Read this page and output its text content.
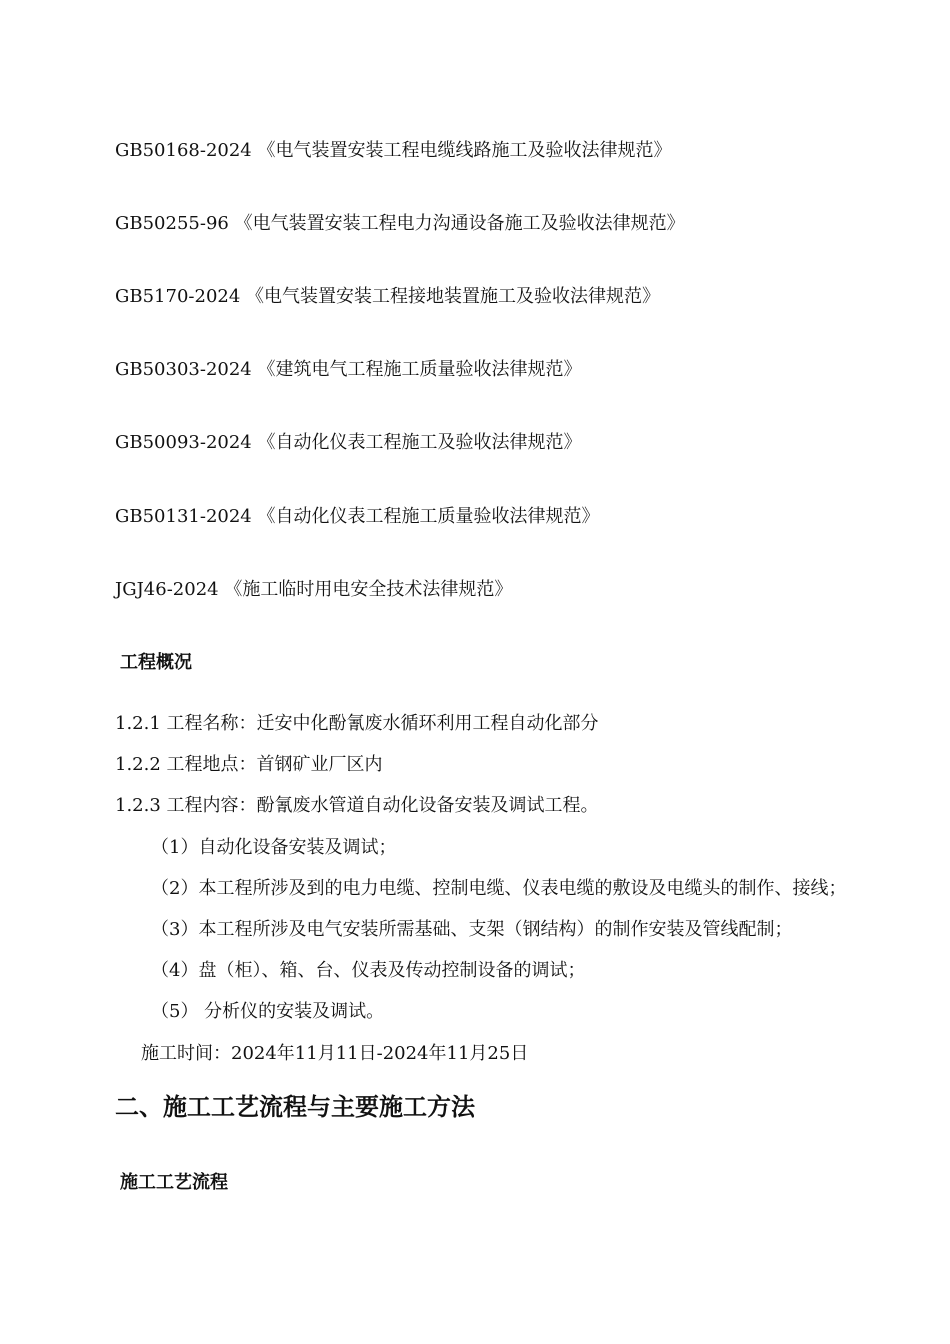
GB50168-2024 《电气装置安装工程电缆线路施工及验收法律规范》
GB50255-96 《电气装置安装工程电力沟通设备施工及验收法律规范》
GB5170-2024 《电气装置安装工程接地装置施工及验收法律规范》
GB50303-2024 《建筑电气工程施工质量验收法律规范》
GB50093-2024 《自动化仪表工程施工及验收法律规范》
GB50131-2024 《自动化仪表工程施工质量验收法律规范》
JGJ46-2024 《施工临时用电安全技术法律规范》
工程概况
1.2.1 工程名称：迁安中化酚氰废水循环利用工程自动化部分
1.2.2 工程地点：首钢矿业厂区内
1.2.3 工程内容：酚氰废水管道自动化设备安装及调试工程。
（1）自动化设备安装及调试；
（2）本工程所涉及到的电力电缆、控制电缆、仪表电缆的敷设及电缆头的制作、接线；
（3）本工程所涉及电气安装所需基础、支架（钢结构）的制作安装及管线配制；
（4）盘（柜）、箱、台、仪表及传动控制设备的调试；
（5） 分析仪的安装及调试。
施工时间：2024年11月11日-2024年11月25日
二、施工工艺流程与主要施工方法
施工工艺流程
